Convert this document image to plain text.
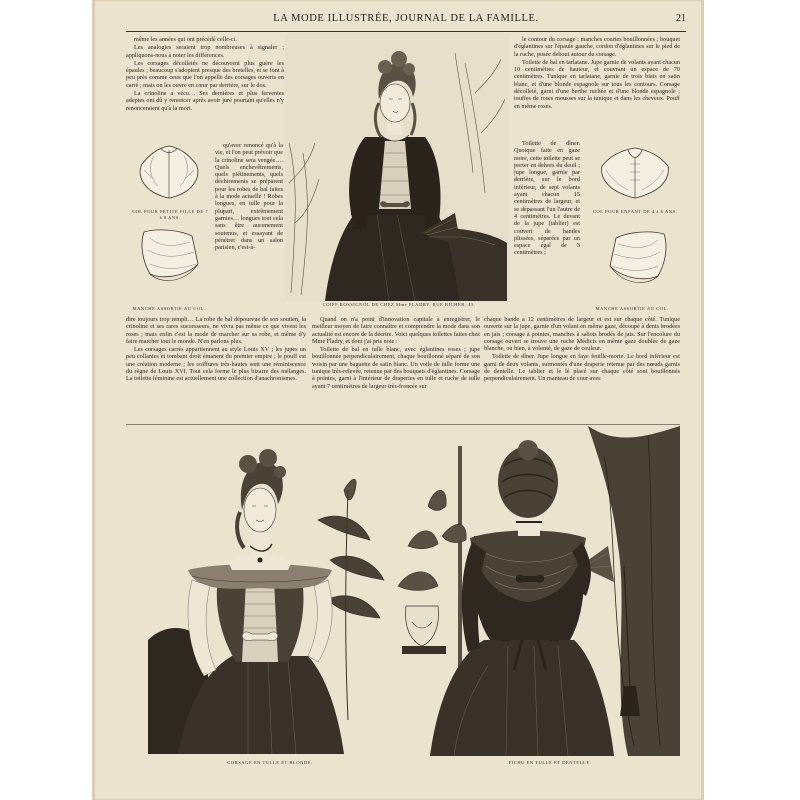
LA MODE ILLUSTRÉE, JOURNAL DE LA FAMILLE.	21

même les années qui ont précédé celle-ci.

Les analogies seraient trop nombreuses à signaler ; appliquons-nous à noter les différences.

Les corsages décolletés ne découvrent plus guère les épaules ; beaucoup s'adoptent presque des bretelles, et se font à peu près comme ceux que l'on appelle des corsages ouverts en carré ; mais on les ouvre en cœur par derrière, sur le dos.

La crinoline a vécu… Ses dernières et plus ferventes adeptes ont dû y renoncer après avoir juré pourtant qu'elles n'y renonceraient qu'à la mort.

COL POUR PETITE FILLE DE 7 à 8 ANS.
MANCHE ASSORTIE AU COL.

qu'avec renoncé qu'à la vie, et l'on peut prévoir que la crinoline sera vengée…. Quels enchevêtrements, quels piétinements, quels déchirements se préparent pour les robes de bal faites à la mode actuelle ! Robes longues, en tulle pour la plupart, extrêmement garnies… longues tout cela sans être aucunement soutenus, et essayant de pénétrer dans un salon parisien, c'est-à-

COIFF ROSSIGNOL DE CHEZ Mme FLADRY, RUE RICHER, 43.

le contour du corsage ; manches courtes bouillonnées ; bouquet d'églantines sur l'épaule gauche, cordon d'églantines sur le pied de la ruche, posée debout autour du corsage.

Toilette de bal en tarlatane. Jupe garnie de volants ayant chacun 10 centimètres de hauteur, et couvrant un espace de 70 centimètres. Tunique en tarlatane, garnie de trois biais en satin blanc, et d'une blonde espagnole sur tous les contours. Corsage décolleté, garni d'une berthe ruchée et d'une blonde espagnole ; touffes de roses mousses sur la tunique et dans les cheveux. Pouff en même roses.

Toilette de dîner. Quoique faite en gaze noire, cette toilette peut se porter en dehors du deuil ; jupe longue, garnie par derrière, sur le bord inférieur, de sept volants ayant chacun 15 centimètres de largeur, et se dépassant l'un l'autre de 4 centimètres. Le devant de la jupe (tablier) est couvert de bandes plissées, séparées par un espace égal de 3 centimètres ;

COL POUR ENFANT DE 4 à 6 ANS.
MANCHE ASSORTIE AU COL.

dire toujours trop rempli… La robe de bal dépourvue de son soutien, la crinoline et ses rares successeurs, ne vivra pas même ce que vivent les roses ; mais enfin c'est la mode de marcher sur sa robe, et même d'y faire marcher tout le monde. N'en parlons plus.

Les corsages carrés appartiennent au style Louis XV ; les jupes un peu collantes et tombant droit émanent du premier empire ; le pouff est une création moderne ; les coiffures très-hautes sont une réminiscence du règne de Louis XVI. Tout cela forme le plus bizarre des mélanges. La toilette féminine est actuellement une collection d'anachronismes.

Quand on n'a point d'innovation capitale à enregistrer, le meilleur moyen de faire connaître et comprendre la mode dans son actualité est encore de la décrire. Voici quelques toilettes faites chez Mme Fladry, et dont j'ai pris note :

Toilette de bal en tulle blanc, avec églantines roses ; jupe bouillonnée perpendiculairement, chaque bouillonné séparé de son voisin par une baguette de satin blanc. Un voile de tulle forme une tunique très-relevée, retenue par des bouquets d'églantines. Corsage à pointes, garni à l'intérieur de draperies en tulle et ruche de tulle ayant 7 centimètres de largeur très-froncée sur

chaque bande a 12 centimètres de largeur et est sur chaque côté. Tunique ouverte sur la jupe, garnie d'un volant en même gaze, découpé à dents brodées en jais ; corsage à pointes, manches à sabots brodés de jais. Sur l'encolure du corsage ouvert se trouve une ruche Médicis en même gaze doublée de gaze blanche, ou bien, à volonté, de gaze de couleur.

Toilette de dîner. Jupe longue en faye feuille-morte. Le bord inférieur est garni de deux volants, surmontés d'une draperie retenue par des nœuds garnis de dentelle. Le tablier et le lé placé sur chaque côté sont bouillonnés perpendiculairement. Un manteau de cour avec

CORSAGE EN TULLE ET BLONDE.	FICHU EN TULLE ET DENTELLE.
